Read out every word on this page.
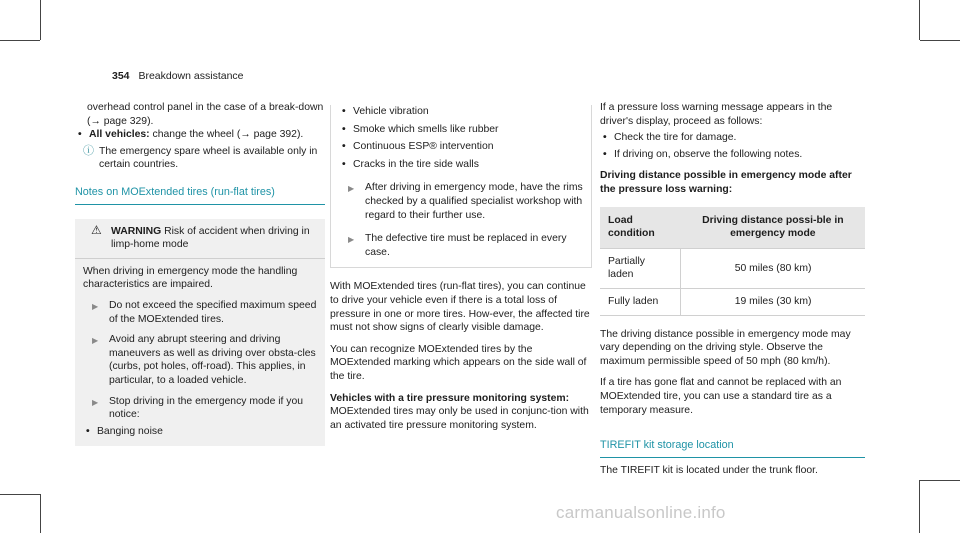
354 Breakdown assistance

overhead control panel in the case of a break-down (→ page 329).

• All vehicles: change the wheel (→ page 392).

ⓘ The emergency spare wheel is available only in certain countries.

Notes on MOExtended tires (run-flat tires)
⚠ WARNING Risk of accident when driving in limp-home mode

When driving in emergency mode the handling characteristics are impaired.

▶ Do not exceed the specified maximum speed of the MOExtended tires.

▶ Avoid any abrupt steering and driving maneuvers as well as driving over obsta-cles (curbs, pot holes, off-road). This applies, in particular, to a loaded vehicle.

▶ Stop driving in the emergency mode if you notice:

• Banging noise

• Vehicle vibration

• Smoke which smells like rubber

• Continuous ESP® intervention

• Cracks in the tire side walls

▶ After driving in emergency mode, have the rims checked by a qualified specialist workshop with regard to their further use.

▶ The defective tire must be replaced in every case.

With MOExtended tires (run-flat tires), you can continue to drive your vehicle even if there is a total loss of pressure in one or more tires. How-ever, the affected tire must not show signs of clearly visible damage.

You can recognize MOExtended tires by the MOExtended marking which appears on the side wall of the tire.

Vehicles with a tire pressure monitoring system:

MOExtended tires may only be used in conjunc-tion with an activated tire pressure monitoring system.

If a pressure loss warning message appears in the driver's display, proceed as follows:

• Check the tire for damage.

• If driving on, observe the following notes.

Driving distance possible in emergency mode after the pressure loss warning:

Load condition	Driving distance possi-ble in emergency mode
Partially laden	50 miles (80 km)
Fully laden	19 miles (30 km)

The driving distance possible in emergency mode may vary depending on the driving style. Observe the maximum permissible speed of 50 mph (80 km/h).

If a tire has gone flat and cannot be replaced with an MOExtended tire, you can use a standard tire as a temporary measure.

TIREFIT kit storage location

The TIREFIT kit is located under the trunk floor.

carmanualsonline.info
